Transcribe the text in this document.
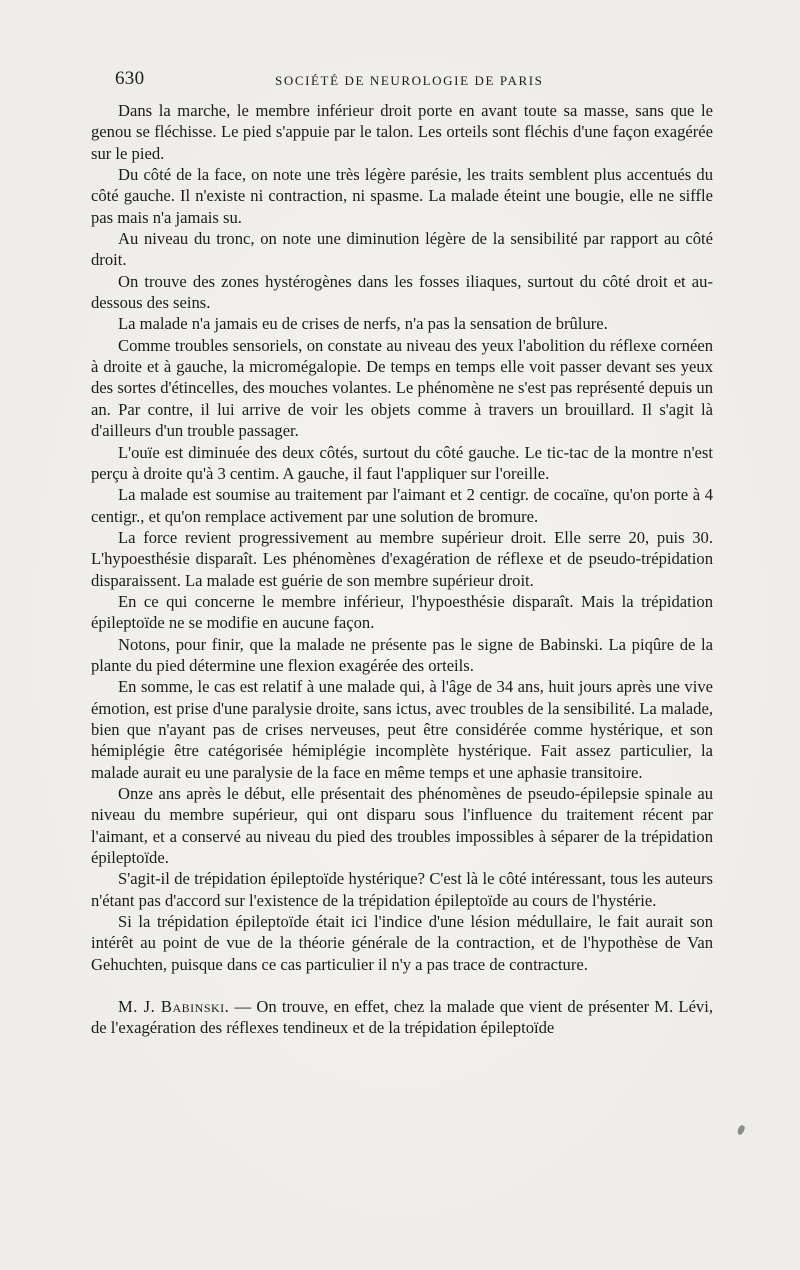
630	SOCIÉTÉ DE NEUROLOGIE DE PARIS

Dans la marche, le membre inférieur droit porte en avant toute sa masse, sans que le genou se fléchisse. Le pied s'appuie par le talon. Les orteils sont fléchis d'une façon exagérée sur le pied.

Du côté de la face, on note une très légère parésie, les traits semblent plus accentués du côté gauche. Il n'existe ni contraction, ni spasme. La malade éteint une bougie, elle ne siffle pas mais n'a jamais su.

Au niveau du tronc, on note une diminution légère de la sensibilité par rapport au côté droit.

On trouve des zones hystérogènes dans les fosses iliaques, surtout du côté droit et au-dessous des seins.

La malade n'a jamais eu de crises de nerfs, n'a pas la sensation de brûlure.

Comme troubles sensoriels, on constate au niveau des yeux l'abolition du réflexe cornéen à droite et à gauche, la micromégalopie. De temps en temps elle voit passer devant ses yeux des sortes d'étincelles, des mouches volantes. Le phénomène ne s'est pas représenté depuis un an. Par contre, il lui arrive de voir les objets comme à travers un brouillard. Il s'agit là d'ailleurs d'un trouble passager.

L'ouïe est diminuée des deux côtés, surtout du côté gauche. Le tic-tac de la montre n'est perçu à droite qu'à 3 centim. A gauche, il faut l'appliquer sur l'oreille.

La malade est soumise au traitement par l'aimant et 2 centigr. de cocaïne, qu'on porte à 4 centigr., et qu'on remplace activement par une solution de bromure.

La force revient progressivement au membre supérieur droit. Elle serre 20, puis 30. L'hypoesthésie disparaît. Les phénomènes d'exagération de réflexe et de pseudo-trépidation disparaissent. La malade est guérie de son membre supérieur droit.

En ce qui concerne le membre inférieur, l'hypoesthésie disparaît. Mais la trépidation épileptoïde ne se modifie en aucune façon.

Notons, pour finir, que la malade ne présente pas le signe de Babinski. La piqûre de la plante du pied détermine une flexion exagérée des orteils.

En somme, le cas est relatif à une malade qui, à l'âge de 34 ans, huit jours après une vive émotion, est prise d'une paralysie droite, sans ictus, avec troubles de la sensibilité. La malade, bien que n'ayant pas de crises nerveuses, peut être considérée comme hystérique, et son hémiplégie être catégorisée hémiplégie incomplète hystérique. Fait assez particulier, la malade aurait eu une paralysie de la face en même temps et une aphasie transitoire.

Onze ans après le début, elle présentait des phénomènes de pseudo-épilepsie spinale au niveau du membre supérieur, qui ont disparu sous l'influence du traitement récent par l'aimant, et a conservé au niveau du pied des troubles impossibles à séparer de la trépidation épileptoïde.

S'agit-il de trépidation épileptoïde hystérique? C'est là le côté intéressant, tous les auteurs n'étant pas d'accord sur l'existence de la trépidation épileptoïde au cours de l'hystérie.

Si la trépidation épileptoïde était ici l'indice d'une lésion médullaire, le fait aurait son intérêt au point de vue de la théorie générale de la contraction, et de l'hypothèse de Van Gehuchten, puisque dans ce cas particulier il n'y a pas trace de contracture.

M. J. Babinski. — On trouve, en effet, chez la malade que vient de présenter M. Lévi, de l'exagération des réflexes tendineux et de la trépidation épileptoïde
